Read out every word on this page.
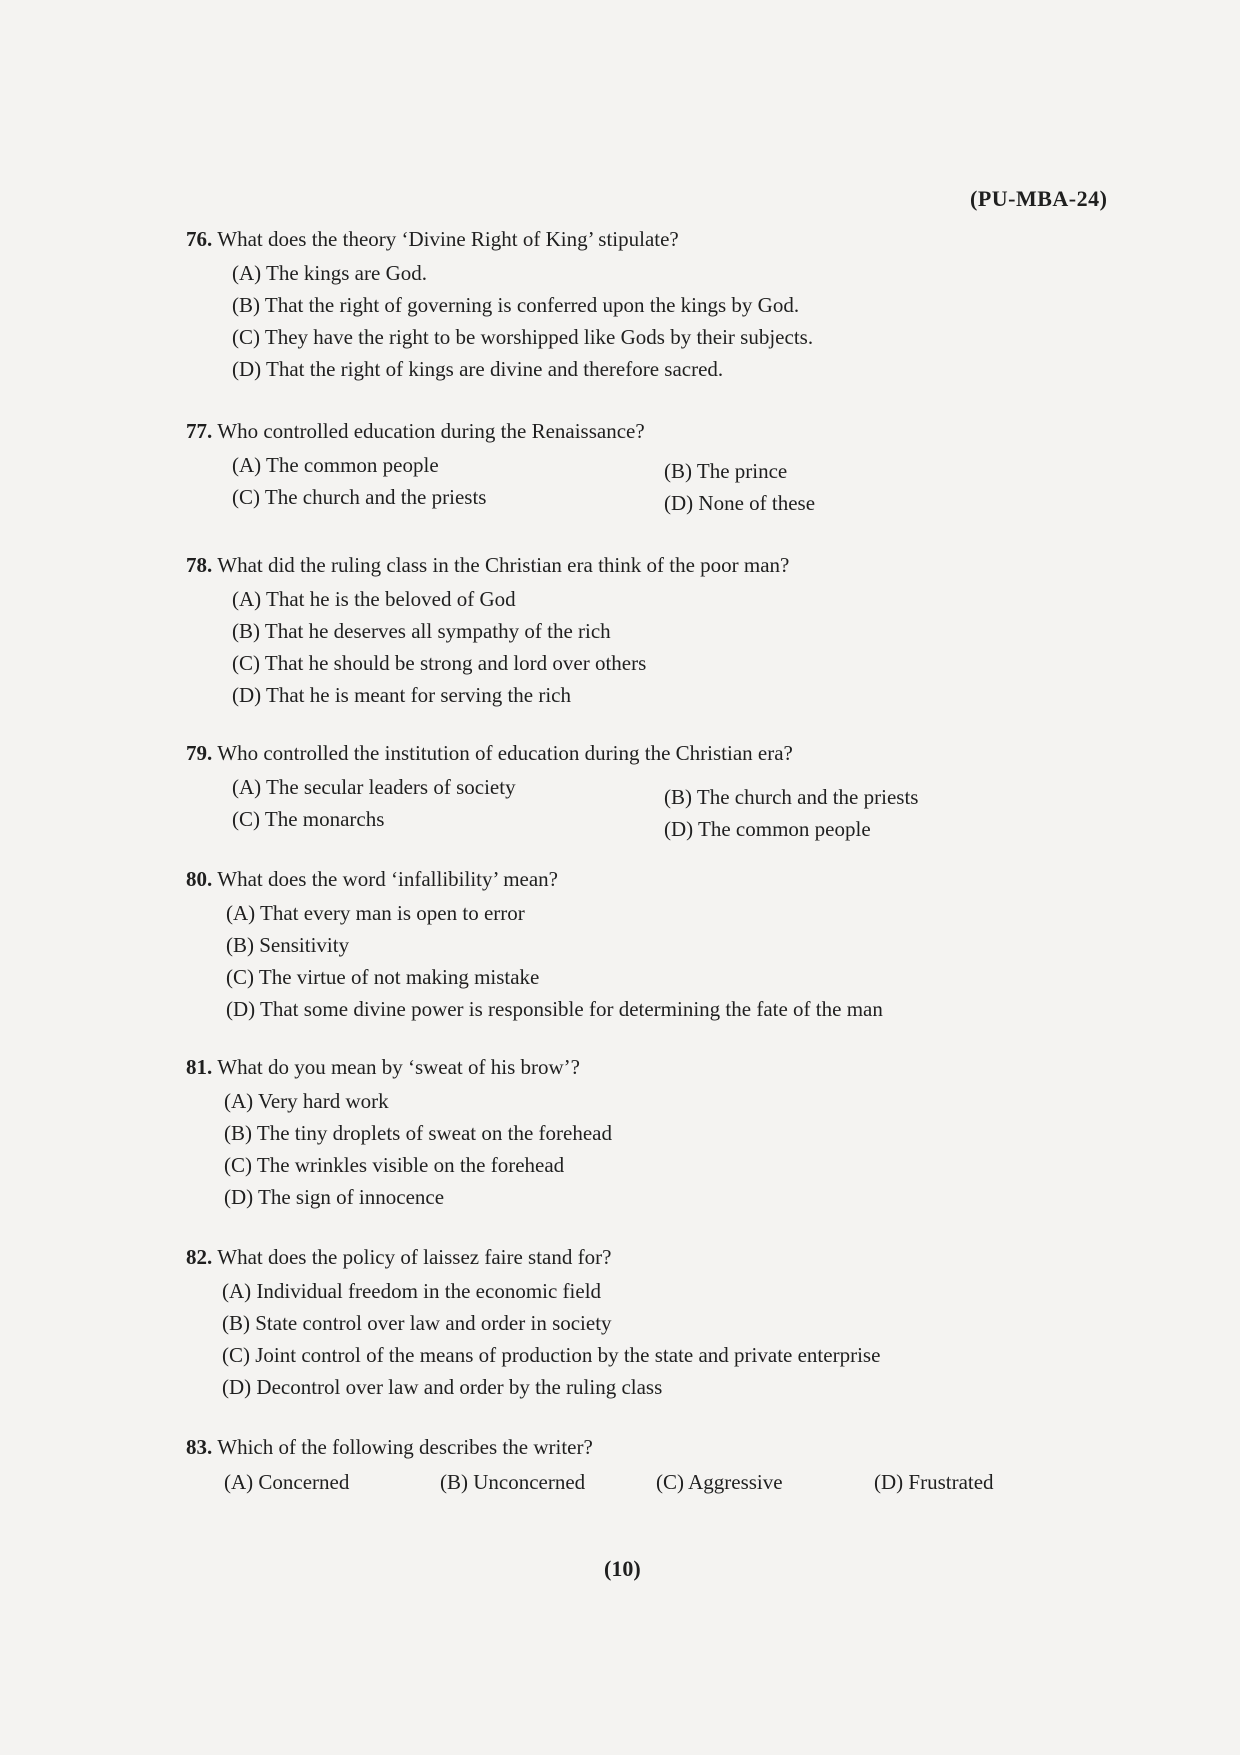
(PU-MBA-24)
76. What does the theory ‘Divine Right of King’ stipulate?
(A) The kings are God.
(B) That the right of governing is conferred upon the kings by God.
(C) They have the right to be worshipped like Gods by their subjects.
(D) That the right of kings are divine and therefore sacred.
77. Who controlled education during the Renaissance?
(A) The common people	(B) The prince
(C) The church and the priests	(D) None of these
78. What did the ruling class in the Christian era think of the poor man?
(A) That he is the beloved of God
(B) That he deserves all sympathy of the rich
(C) That he should be strong and lord over others
(D) That he is meant for serving the rich
79. Who controlled the institution of education during the Christian era?
(A) The secular leaders of society	(B) The church and the priests
(C) The monarchs	(D) The common people
80. What does the word ‘infallibility’ mean?
(A) That every man is open to error
(B) Sensitivity
(C) The virtue of not making mistake
(D) That some divine power is responsible for determining the fate of the man
81. What do you mean by ‘sweat of his brow’?
(A) Very hard work
(B) The tiny droplets of sweat on the forehead
(C) The wrinkles visible on the forehead
(D) The sign of innocence
82. What does the policy of laissez faire stand for?
(A) Individual freedom in the economic field
(B) State control over law and order in society
(C) Joint control of the means of production by the state and private enterprise
(D) Decontrol over law and order by the ruling class
83. Which of the following describes the writer?
(A) Concerned	(B) Unconcerned	(C) Aggressive	(D) Frustrated
(10)
